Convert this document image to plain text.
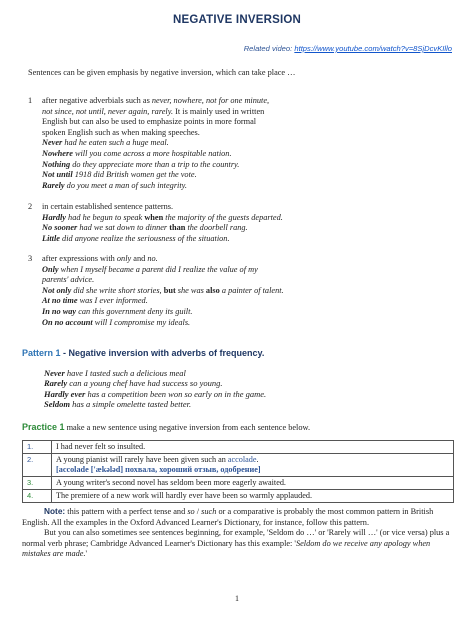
NEGATIVE INVERSION
Related video: https://www.youtube.com/watch?v=8SjDcvKIllo
Sentences can be given emphasis by negative inversion, which can take place …
1 after negative adverbials such as never, nowhere, not for one minute,
not since, not until, never again, rarely. It is mainly used in written
English but can also be used to emphasize points in more formal
spoken English such as when making speeches.
Never had he eaten such a huge meal.
Nowhere will you come across a more hospitable nation.
Nothing do they appreciate more than a trip to the country.
Not until 1918 did British women get the vote.
Rarely do you meet a man of such integrity.
2 in certain established sentence patterns.
Hardly had he begun to speak when the majority of the guests departed.
No sooner had we sat down to dinner than the doorbell rang.
Little did anyone realize the seriousness of the situation.
3 after expressions with only and no.
Only when I myself became a parent did I realize the value of my
parents' advice.
Not only did she write short stories, but she was also a painter of talent.
At no time was I ever informed.
In no way can this government deny its guilt.
On no account will I compromise my ideals.
Pattern 1 - Negative inversion with adverbs of frequency.
Never have I tasted such a delicious meal
Rarely can a young chef have had success so young.
Hardly ever has a competition been won so early on in the game.
Seldom has a simple omelette tasted better.
Practice 1 make a new sentence using negative inversion from each sentence below.
1.	I had never felt so insulted.
2.	A young pianist will rarely have been given such an accolade.
[accolade ['ækələd] похвала, хороший отзыв, одобрение]
3.	A young writer's second novel has seldom been more eagerly awaited.
4.	The premiere of a new work will hardly ever have been so warmly applauded.

Note: this pattern with a perfect tense and so / such or a comparative is probably the most common pattern in British English. All the examples in the Oxford Advanced Learner's Dictionary, for instance, follow this pattern.

But you can also sometimes see sentences beginning, for example, 'Seldom do …' or 'Rarely will …' (or vice versa) plus a normal verb phrase; Cambridge Advanced Learner's Dictionary has this example: 'Seldom do we receive any apology when mistakes are made.'

1
